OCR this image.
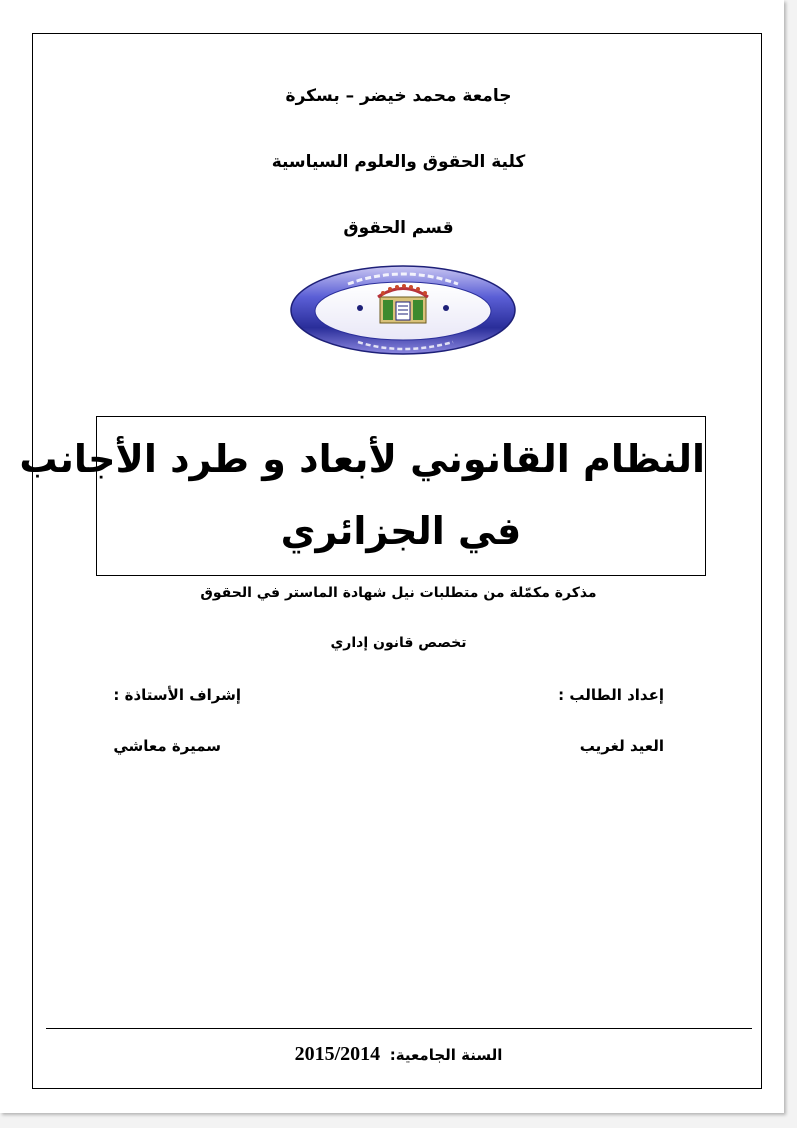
جامعة محمد خيضر – بسكرة
كلية الحقوق والعلوم السياسية
قسم الحقوق
النظام القانوني لأبعاد و طرد الأجانب
في الجزائري
مذكرة مكمّلة من متطلبات نيل شهادة الماستر في الحقوق
تخصص قانون إداري
إعداد الطالب :
إشراف الأستاذة :
العيد لغريب
سميرة معاشي
السنة الجامعية: 2015/2014
